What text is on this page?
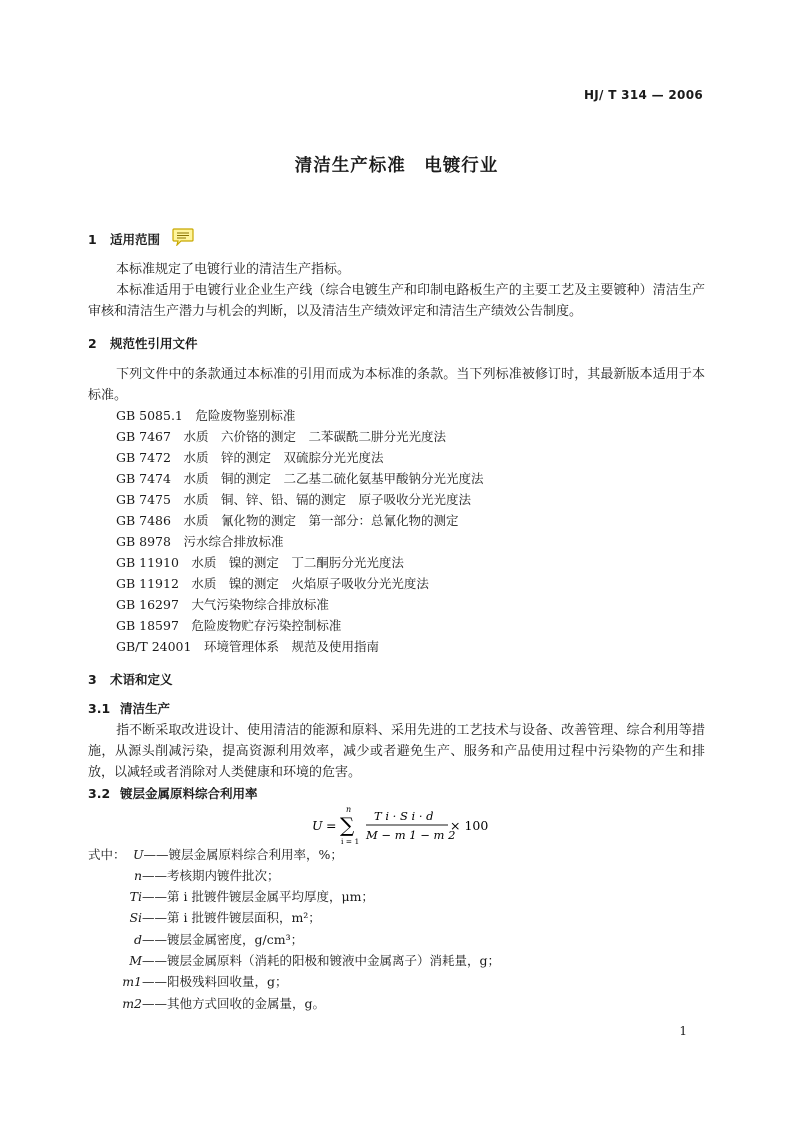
HJ/ T 314 — 2006
清洁生产标准　电镀行业
1 适用范围
本标准规定了电镀行业的清洁生产指标。
本标准适用于电镀行业企业生产线（综合电镀生产和印制电路板生产的主要工艺及主要镀种）清洁生产审核和清洁生产潜力与机会的判断，以及清洁生产绩效评定和清洁生产绩效公告制度。
2 规范性引用文件
下列文件中的条款通过本标准的引用而成为本标准的条款。当下列标准被修订时，其最新版本适用于本标准。
GB 5085.1　危险废物鉴别标准
GB 7467　水质　六价铬的测定　二苯碳酰二肼分光光度法
GB 7472　水质　锌的测定　双硫腙分光光度法
GB 7474　水质　铜的测定　二乙基二硫化氨基甲酸钠分光光度法
GB 7475　水质　铜、锌、铅、镉的测定　原子吸收分光光度法
GB 7486　水质　氰化物的测定　第一部分：总氰化物的测定
GB 8978　污水综合排放标准
GB 11910　水质　镍的测定　丁二酮肟分光光度法
GB 11912　水质　镍的测定　火焰原子吸收分光光度法
GB 16297　大气污染物综合排放标准
GB 18597　危险废物贮存污染控制标准
GB/T 24001　环境管理体系　规范及使用指南
3 术语和定义
3.1 清洁生产
指不断采取改进设计、使用清洁的能源和原料、采用先进的工艺技术与设备、改善管理、综合利用等措施，从源头削减污染，提高资源利用效率，减少或者避免生产、服务和产品使用过程中污染物的产生和排放，以减轻或者消除对人类健康和环境的危害。
3.2 镀层金属原料综合利用率
U =
n
∑
i = 1
T i · S i · d
M − m 1 − m 2
× 100
式中： U——镀层金属原料综合利用率，%；
n——考核期内镀件批次；
Ti——第 i 批镀件镀层金属平均厚度，μm；
Si——第 i 批镀件镀层面积，m²；
d——镀层金属密度，g/cm³；
M——镀层金属原料（消耗的阳极和镀液中金属离子）消耗量，g；
m1——阳极残料回收量，g；
m2——其他方式回收的金属量，g。
1
